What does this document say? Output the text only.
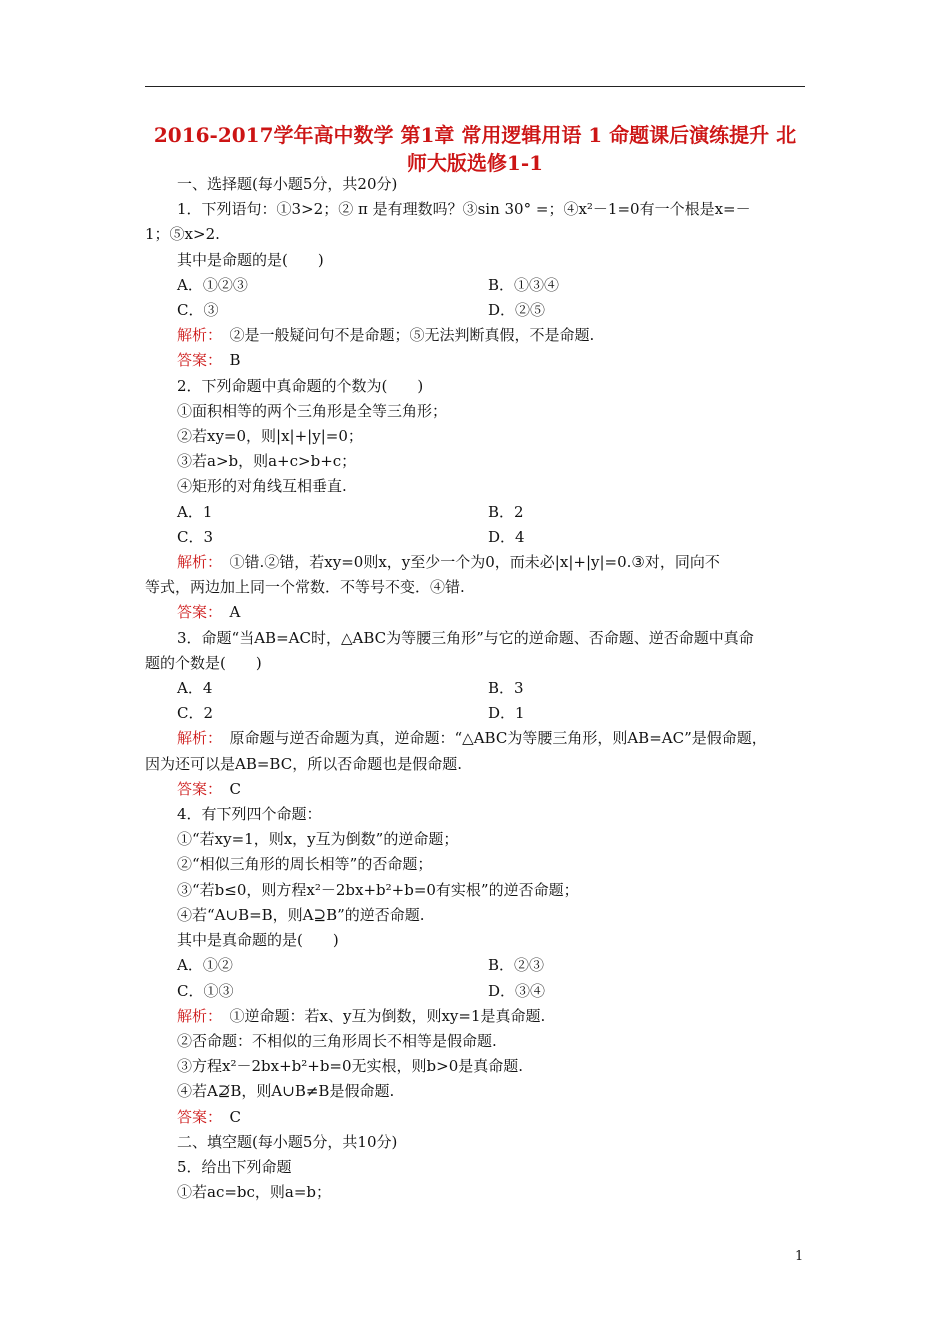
2016-2017学年高中数学 第1章 常用逻辑用语 1 命题课后演练提升 北师大版选修1-1

一、选择题(每小题5分，共20分)

1．下列语句：①3>2；② π 是有理数吗？③sin 30° =；④x²－1=0有一个根是x=－

1；⑤x>2.

其中是命题的是(　　)

A．①②③	B．①③④
C．③	D．②⑤

解析：　②是一般疑问句不是命题；⑤无法判断真假，不是命题.

答案：　B

2．下列命题中真命题的个数为(　　)

①面积相等的两个三角形是全等三角形；

②若xy=0，则|x|+|y|=0；

③若a>b，则a+c>b+c；

④矩形的对角线互相垂直.

A．1	B．2
C．3	D．4

解析：　①错.②错，若xy=0则x，y至少一个为0，而未必|x|+|y|=0.③对，同向不

等式，两边加上同一个常数．不等号不变．④错.

答案：　A

3．命题“当AB=AC时，△ABC为等腰三角形”与它的逆命题、否命题、逆否命题中真命

题的个数是(　　)

A．4	B．3
C．2	D．1

解析：　原命题与逆否命题为真，逆命题：“△ABC为等腰三角形，则AB=AC”是假命题，

因为还可以是AB=BC，所以否命题也是假命题.

答案：　C

4．有下列四个命题：

①“若xy=1，则x，y互为倒数”的逆命题；

②“相似三角形的周长相等”的否命题；

③“若b≤0，则方程x²－2bx+b²+b=0有实根”的逆否命题；

④若“A∪B=B，则A⊇B”的逆否命题.

其中是真命题的是(　　)

A．①②	B．②③
C．①③	D．③④

解析：　①逆命题：若x、y互为倒数，则xy=1是真命题.

②否命题：不相似的三角形周长不相等是假命题.

③方程x²－2bx+b²+b=0无实根，则b>0是真命题.

④若A⊉B，则A∪B≠B是假命题.

答案：　C

二、填空题(每小题5分，共10分)

5．给出下列命题

①若ac=bc，则a=b；

1
